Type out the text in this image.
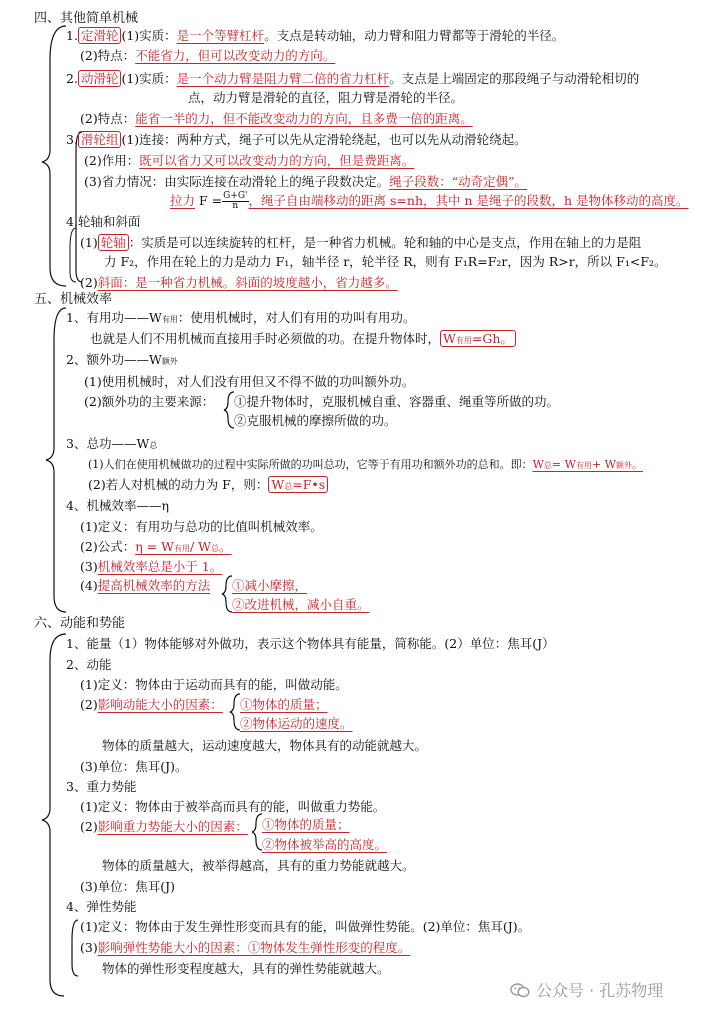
四、其他简单机械
1. 定滑轮 (1)实质：是一个等臂杠杆。支点是转动轴，动力臂和阻力臂都等于滑轮的半径。
(2)特点：不能省力，但可以改变动力的方向。
2. 动滑轮 (1)实质：是一个动力臂是阻力臂二倍的省力杠杆。支点是上端固定的那段绳子与动滑轮相切的
点，动力臂是滑轮的直径，阻力臂是滑轮的半径。
(2)特点：能省一半的力，但不能改变动力的方向，且多费一倍的距离。
3. 滑轮组 (1)连接：两种方式，绳子可以先从定滑轮绕起，也可以先从动滑轮绕起。
(2)作用：既可以省力又可以改变动力的方向，但是费距离。
(3)省力情况：由实际连接在动滑轮上的绳子段数决定。绳子段数：“动奇定偶”。
拉力 $F = \frac{G+G'}{n}$ ，绳子自由端移动的距离 s=nh，其中 n 是绳子的段数，h 是物体移动的高度。
4.轮轴和斜面
(1) 轮轴 ：实质是可以连续旋转的杠杆，是一种省力机械。轮和轴的中心是支点，作用在轴上的力是阻
力 F₂，作用在轮上的力是动力 F₁，轴半径 r，轮半径 R，则有 F₁R=F₂r，因为 R>r，所以 F₁<F₂。
(2)斜面：是一种省力机械。斜面的坡度越小，省力越多。
五、机械效率
1、有用功——W有用：使用机械时，对人们有用的功叫有用功。
也就是人们不用机械而直接用手时必须做的功。在提升物体时， W有用=Gh。
2、额外功——W额外
(1)使用机械时，对人们没有用但又不得不做的功叫额外功。
(2)额外功的主要来源： ①提升物体时，克服机械自重、容器重、绳重等所做的功。
②克服机械的摩擦所做的功。
3、总功——W总
(1)人们在使用机械做功的过程中实际所做的功叫总功，它等于有用功和额外功的总和。即：W总= W有用+ W额外。
(2)若人对机械的动力为 F，则： W总=F•s
4、机械效率——η
(1)定义：有用功与总功的比值叫机械效率。
(2)公式：η = W有用/ W总。
(3)机械效率总是小于 1。
(4)提高机械效率的方法 ①减小摩擦，
②改进机械，减小自重。
六、动能和势能
1、能量（1）物体能够对外做功，表示这个物体具有能量，简称能。(2）单位：焦耳(J）
2、动能
(1)定义：物体由于运动而具有的能，叫做动能。
(2)影响动能大小的因素： ①物体的质量；
②物体运动的速度。
物体的质量越大，运动速度越大，物体具有的动能就越大。
(3)单位：焦耳(J)。
3、重力势能
(1)定义：物体由于被举高而具有的能，叫做重力势能。
(2)影响重力势能大小的因素： ①物体的质量；
②物体被举高的高度。
物体的质量越大，被举得越高，具有的重力势能就越大。
(3)单位：焦耳(J)
4、弹性势能
(1)定义：物体由于发生弹性形变而具有的能，叫做弹性势能。(2)单位：焦耳(J)。
(3)影响弹性势能大小的因素：①物体发生弹性形变的程度。
物体的弹性形变程度越大，具有的弹性势能就越大。
公众号 · 孔苏物理
